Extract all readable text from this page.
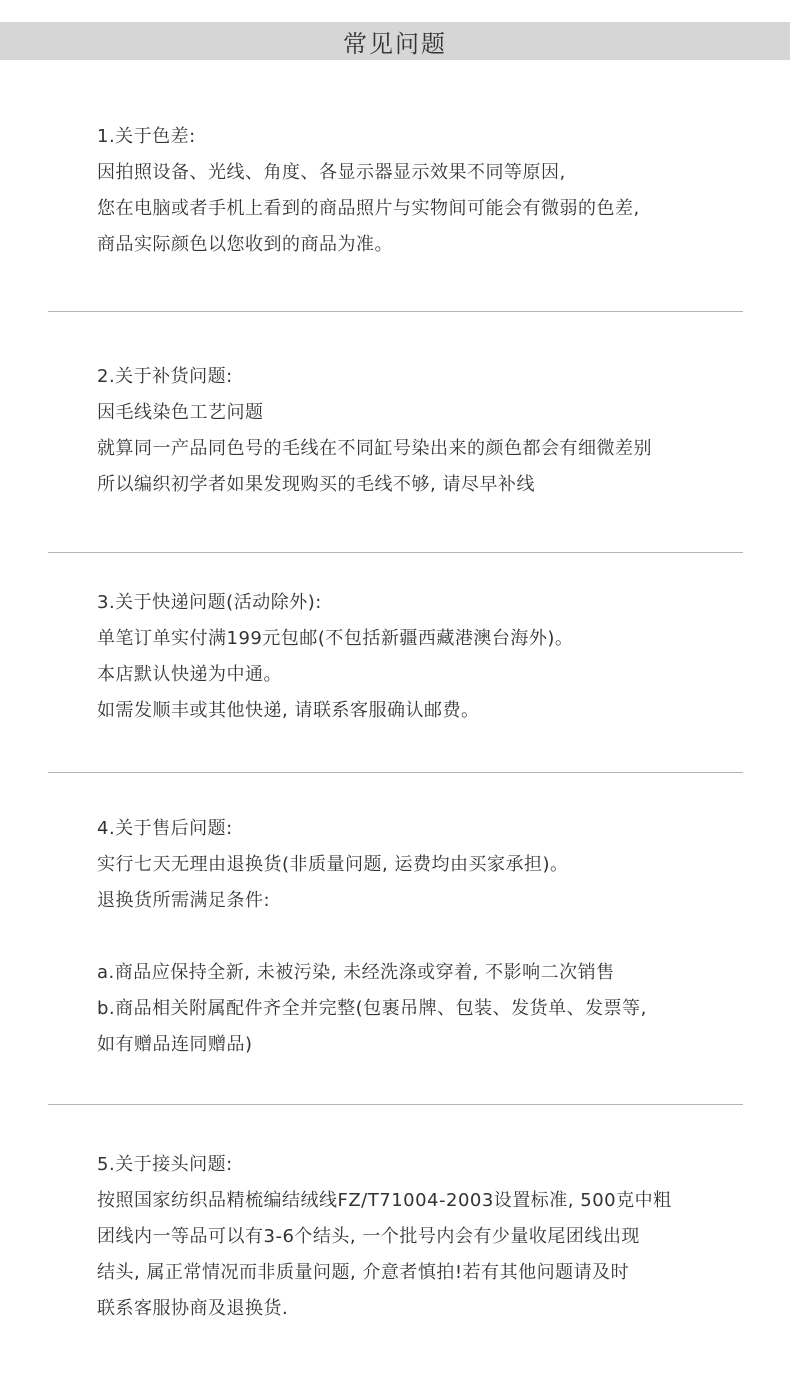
常见问题
1.关于色差:
因拍照设备、光线、角度、各显示器显示效果不同等原因,
您在电脑或者手机上看到的商品照片与实物间可能会有微弱的色差,
商品实际颜色以您收到的商品为准。
2.关于补货问题:
因毛线染色工艺问题
就算同一产品同色号的毛线在不同缸号染出来的颜色都会有细微差别
所以编织初学者如果发现购买的毛线不够, 请尽早补线
3.关于快递问题(活动除外):
单笔订单实付满199元包邮(不包括新疆西藏港澳台海外)。
本店默认快递为中通。
如需发顺丰或其他快递, 请联系客服确认邮费。
4.关于售后问题:
实行七天无理由退换货(非质量问题, 运费均由买家承担)。
退换货所需满足条件:
a.商品应保持全新, 未被污染, 未经洗涤或穿着, 不影响二次销售
b.商品相关附属配件齐全并完整(包裹吊牌、包装、发货单、发票等,
如有赠品连同赠品)
5.关于接头问题:
按照国家纺织品精梳编结绒线FZ/T71004-2003设置标准, 500克中粗
团线内一等品可以有3-6个结头, 一个批号内会有少量收尾团线出现
结头, 属正常情况而非质量问题, 介意者慎拍!若有其他问题请及时
联系客服协商及退换货.
